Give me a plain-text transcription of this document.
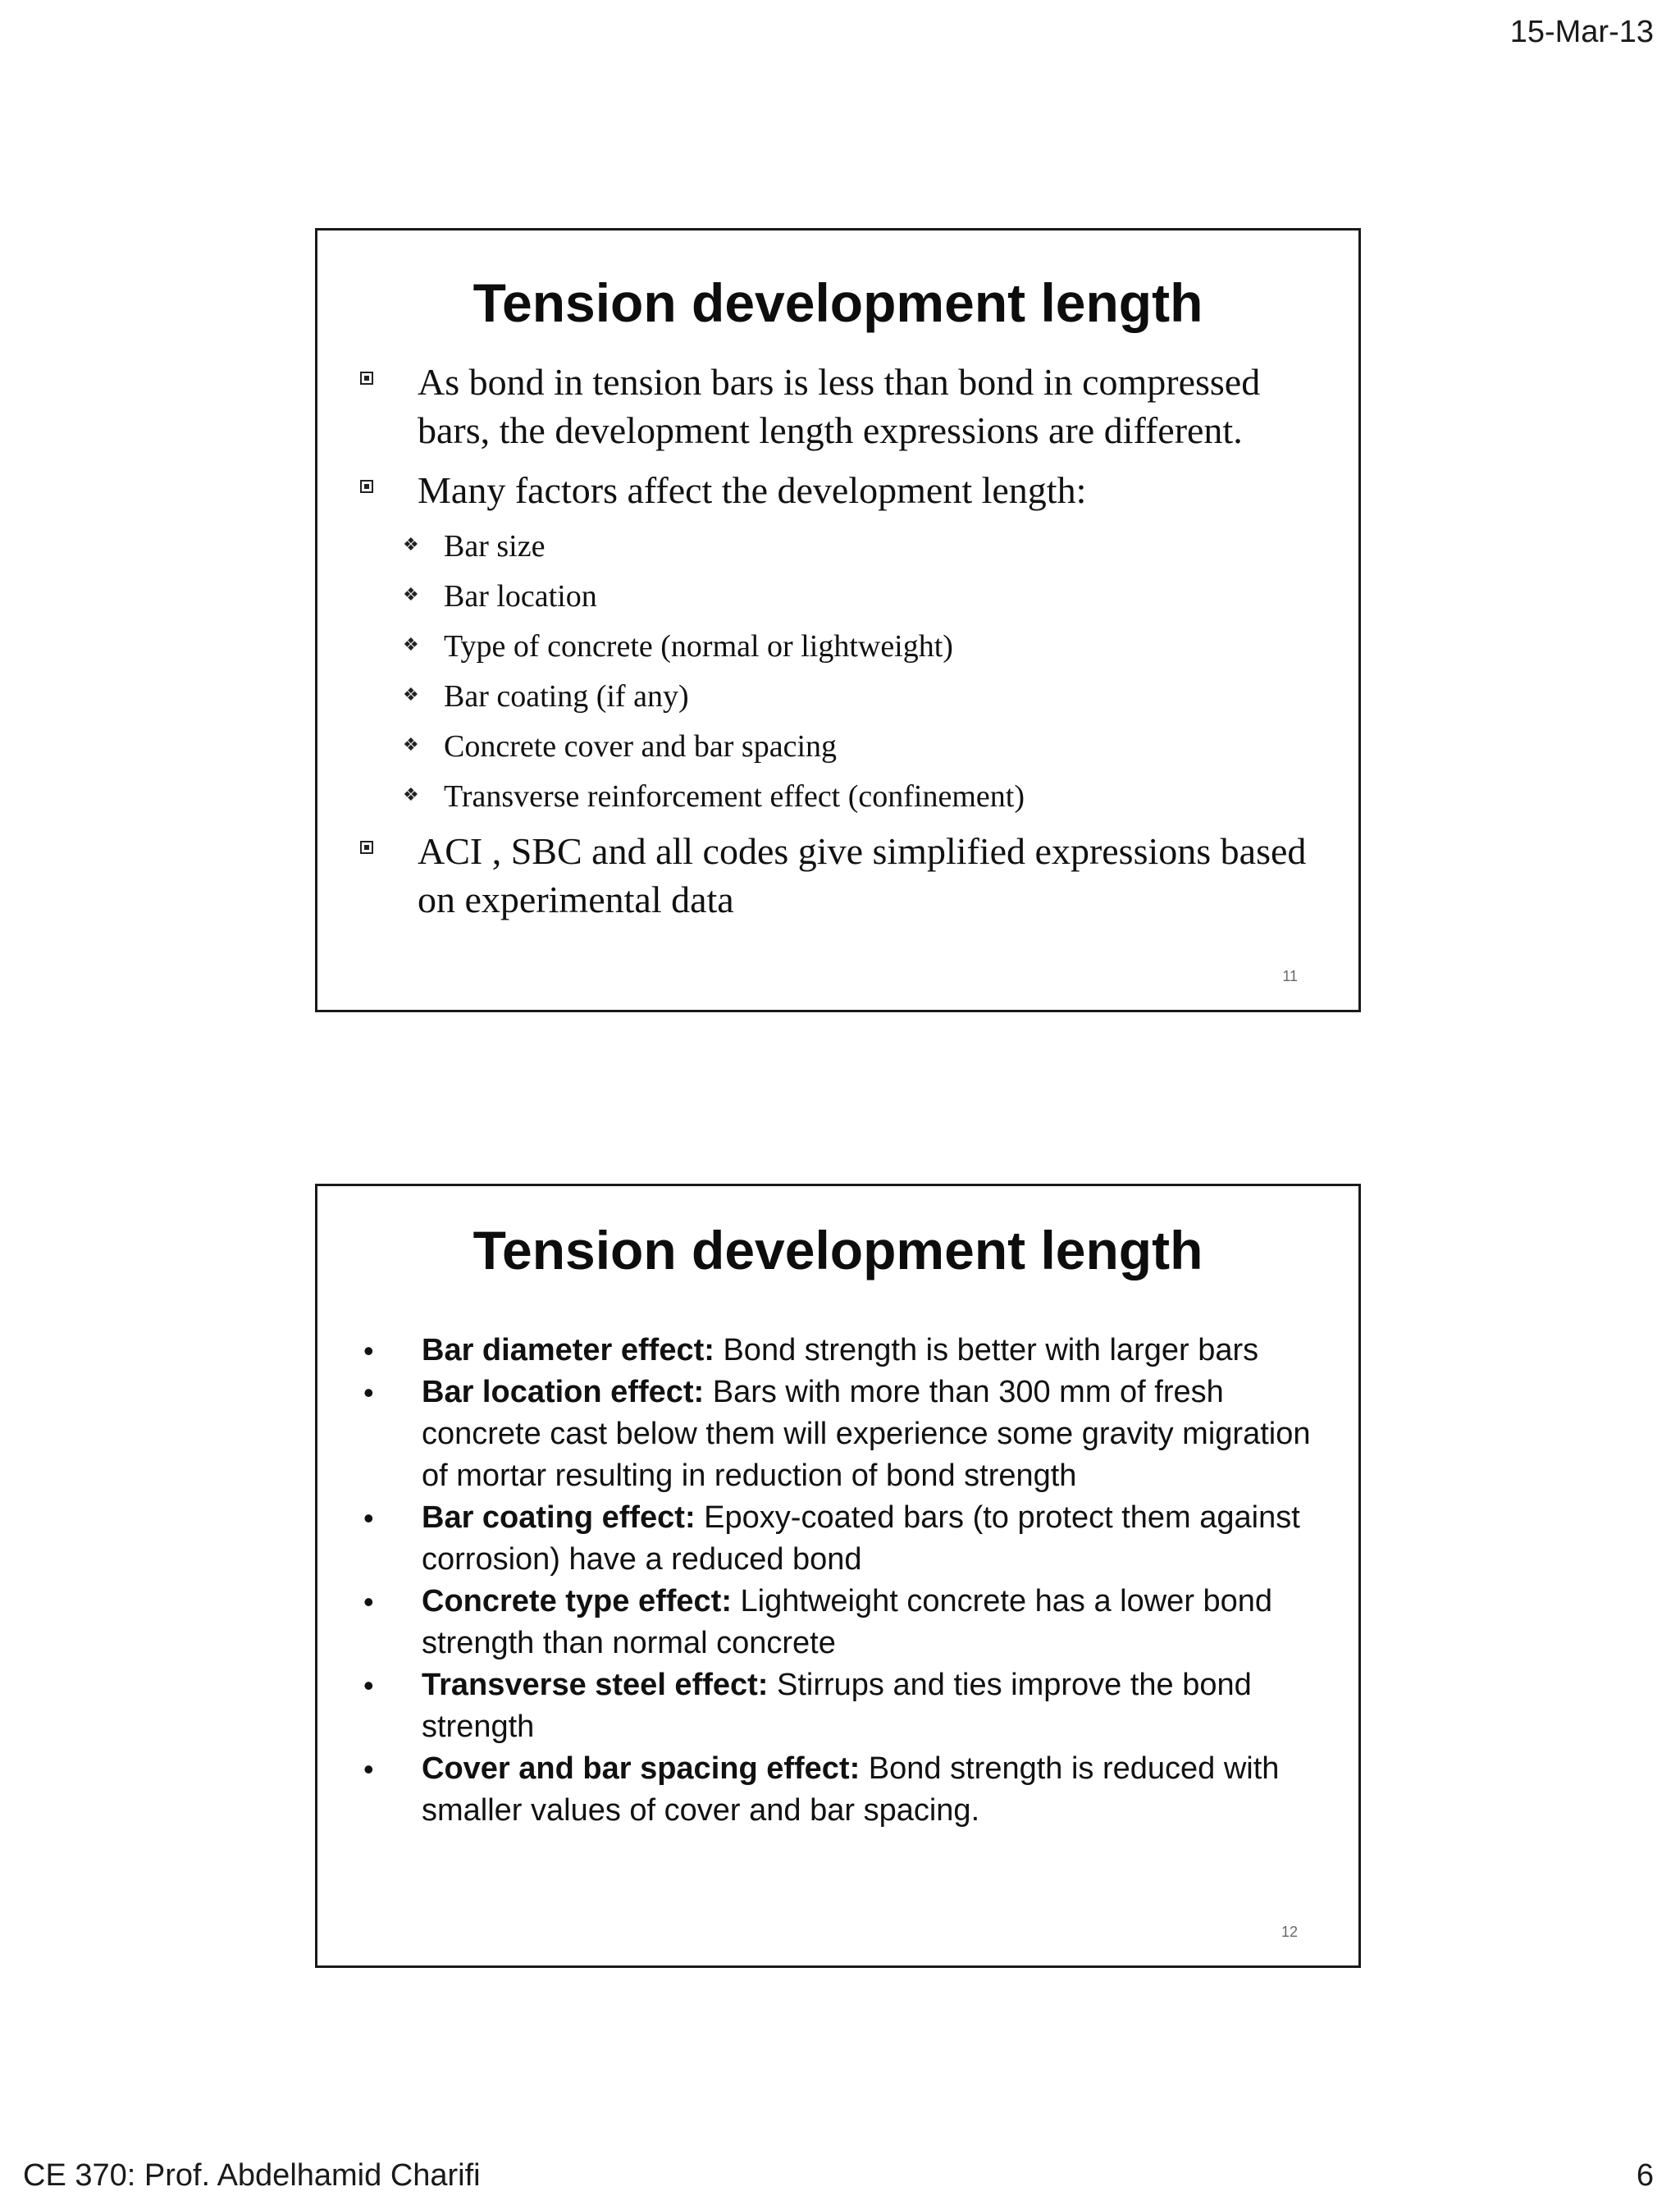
15-Mar-13
Tension development length
As bond in tension bars is less than bond in compressed bars, the development length expressions are different.
Many factors affect the development length:
❖ Bar size
❖ Bar location
❖ Type of concrete (normal or lightweight)
❖ Bar coating (if any)
❖ Concrete cover and bar spacing
❖ Transverse reinforcement effect (confinement)
ACI , SBC and all codes give simplified expressions based on experimental data
11
Tension development length
• Bar diameter effect: Bond strength is better with larger bars
• Bar location effect: Bars with more than 300 mm of fresh concrete cast below them will experience some gravity migration of mortar resulting in reduction of bond strength
• Bar coating effect: Epoxy-coated bars (to protect them against corrosion) have a reduced bond
• Concrete type effect: Lightweight concrete has a lower bond strength than normal concrete
• Transverse steel effect: Stirrups and ties improve the bond strength
• Cover and bar spacing effect: Bond strength is reduced with smaller values of cover and bar spacing.
12
CE 370: Prof. Abdelhamid Charifi	6
